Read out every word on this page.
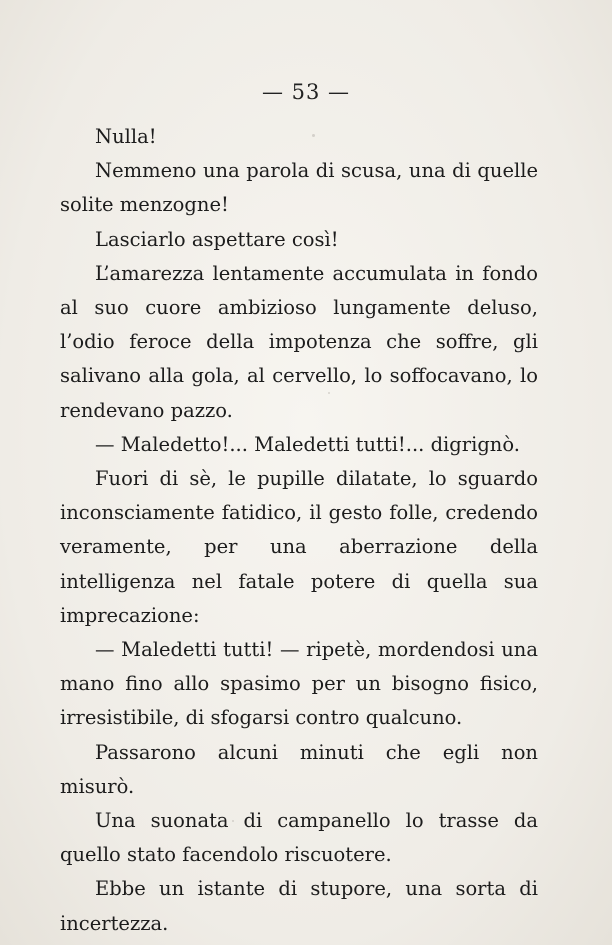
— 53 —

Nulla!

Nemmeno una parola di scusa, una di quelle solite menzogne!

Lasciarlo aspettare così!

L’amarezza lentamente accumulata in fondo al suo cuore ambizioso lungamente deluso, l’odio feroce della impotenza che soffre, gli salivano alla gola, al cervello, lo soffocavano, lo rendevano pazzo.

— Maledetto!... Maledetti tutti!... digrignò.

Fuori di sè, le pupille dilatate, lo sguardo inconsciamente fatidico, il gesto folle, credendo veramente, per una aberrazione della intelligenza nel fatale potere di quella sua imprecazione:

— Maledetti tutti! — ripetè, mordendosi una mano fino allo spasimo per un bisogno fisico, irresistibile, di sfogarsi contro qualcuno.

Passarono alcuni minuti che egli non misurò.

Una suonata di campanello lo trasse da quello stato facendolo riscuotere.

Ebbe un istante di stupore, una sorta di incertezza.
